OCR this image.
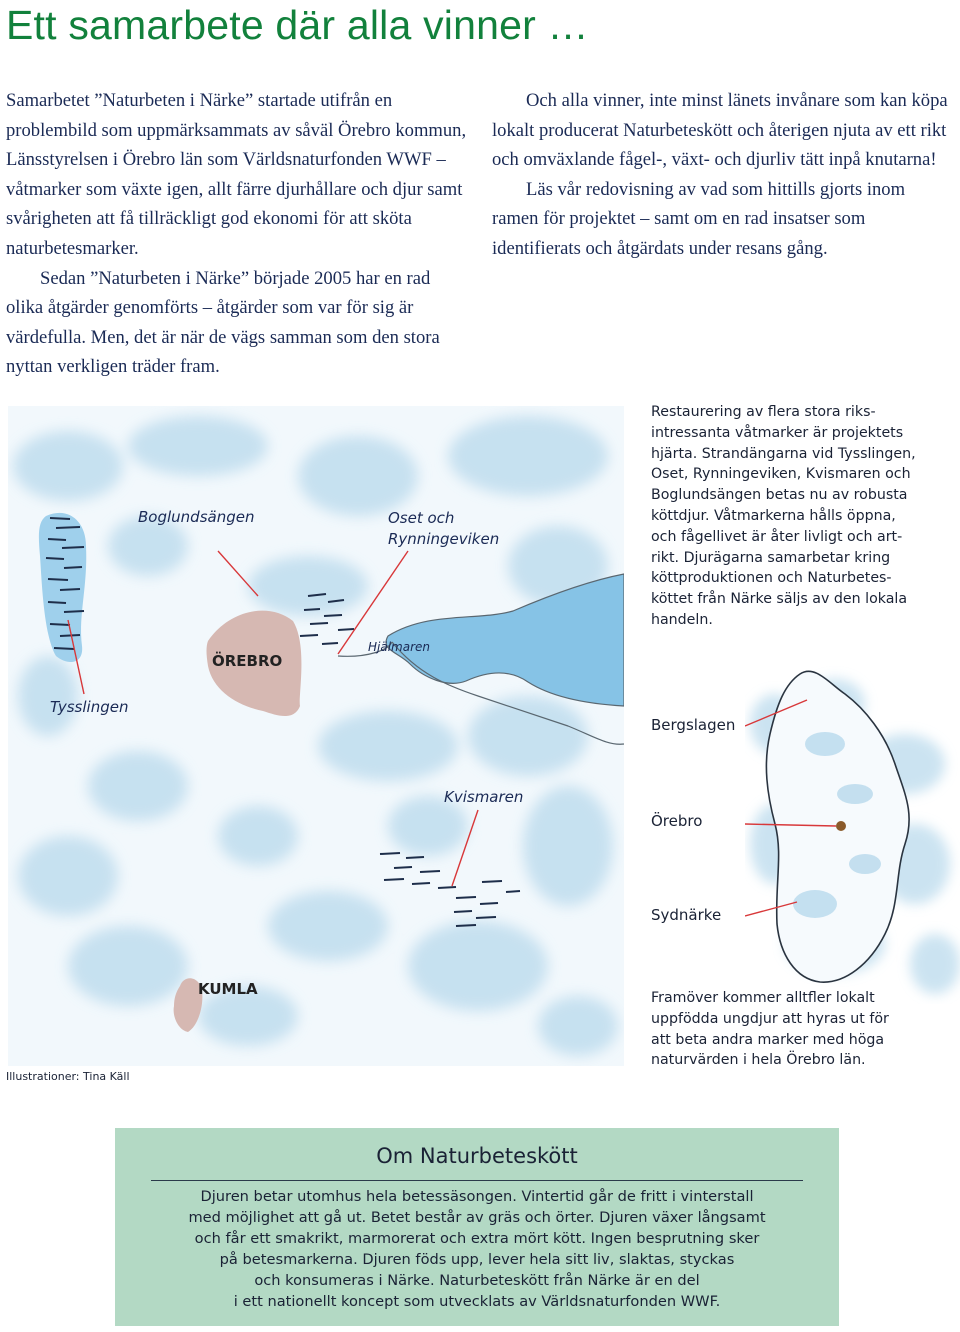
Ett samarbete där alla vinner …

Samarbetet ”Naturbeten i Närke” startade utifrån en problembild som uppmärksammats av såväl Örebro kommun, Länsstyrelsen i Örebro län som Världsnaturfonden WWF – våtmarker som växte igen, allt färre djurhållare och djur samt svårigheten att få tillräckligt god ekonomi för att sköta naturbetesmarker.

Sedan ”Naturbeten i Närke” började 2005 har en rad olika åtgärder genomförts – åtgärder som var för sig är värdefulla. Men, det är när de vägs samman som den stora nyttan verkligen träder fram.

Och alla vinner, inte minst länets invånare som kan köpa lokalt producerat Naturbeteskött och återigen njuta av ett rikt och omväxlande fågel-, växt- och djurliv tätt inpå knutarna!

Läs vår redovisning av vad som hittills gjorts inom ramen för projektet – samt om en rad insatser som identifierats och åtgärdats under resans gång.

Boglundsängen	Oset och
Rynningeviken
Hjälmaren
ÖREBRO
Tysslingen
Kvismaren
KUMLA
Illustrationer: Tina Käll

Restaurering av flera stora riks-
intressanta våtmarker är projektets
hjärta. Strandängarna vid Tysslingen,
Oset, Rynningeviken, Kvismaren och
Boglundsängen betas nu av robusta
köttdjur. Våtmarkerna hålls öppna,
och fågellivet är åter livligt och art-
rikt. Djurägarna samarbetar kring
köttproduktionen och Naturbetes-
köttet från Närke säljs av den lokala
handeln.

Bergslagen
Örebro
Sydnärke

Framöver kommer alltfler lokalt
uppfödda ungdjur att hyras ut för
att beta andra marker med höga
naturvärden i hela Örebro län.

Om Naturbeteskött
Djuren betar utomhus hela betessäsongen. Vintertid går de fritt i vinterstall
med möjlighet att gå ut. Betet består av gräs och örter. Djuren växer långsamt
och får ett smakrikt, marmorerat och extra mört kött. Ingen besprutning sker
på betesmarkerna. Djuren föds upp, lever hela sitt liv, slaktas, styckas
och konsumeras i Närke. Naturbeteskött från Närke är en del
i ett nationellt koncept som utvecklats av Världsnaturfonden WWF.
